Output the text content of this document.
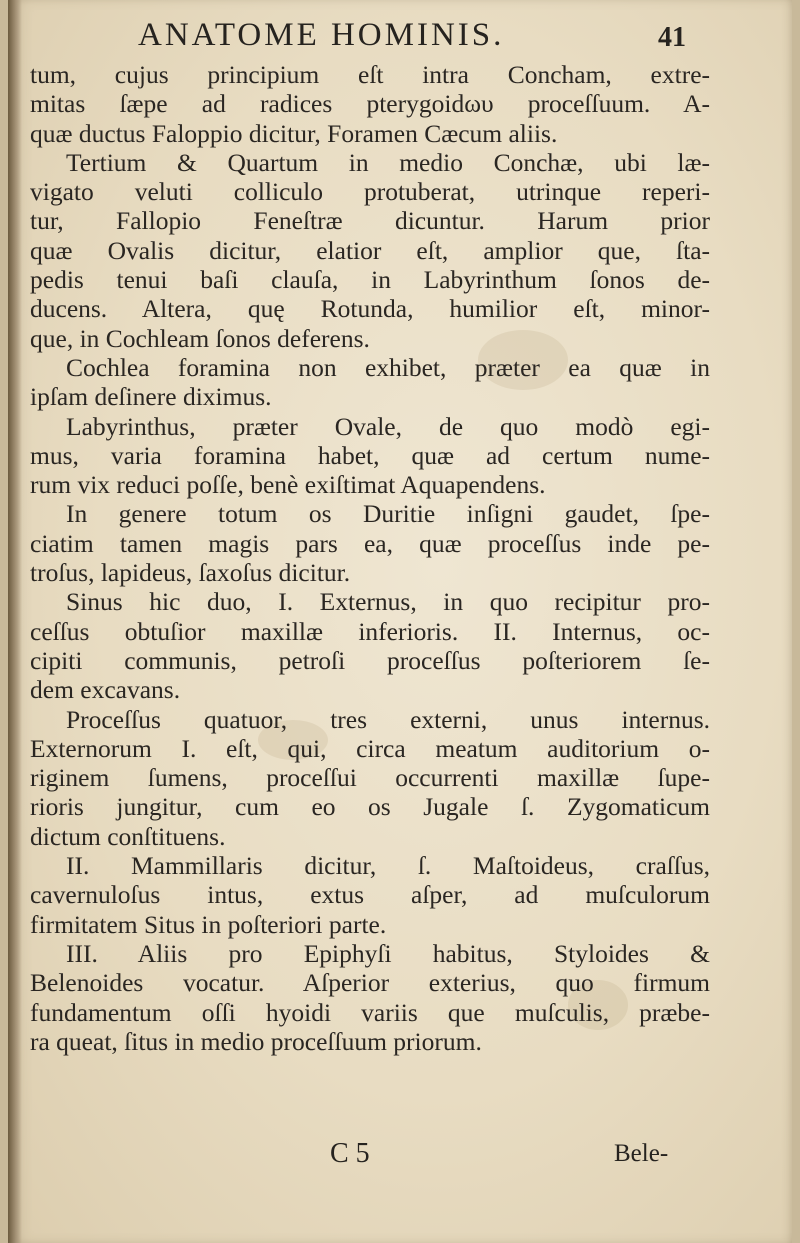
ANATOME HOMINIS.	41
tum, cujus principium eſt intra Concham, extre-
mitas ſæpe ad radices pterygoidωυ proceſſuum. A-
quæ ductus Faloppio dicitur, Foramen Cæcum aliis.
Tertium & Quartum in medio Conchæ, ubi læ-
vigato veluti colliculo protuberat, utrinque reperi-
tur, Fallopio Feneſtræ dicuntur. Harum prior
quæ Ovalis dicitur, elatior eſt, amplior que, ſta-
pedis tenui baſi clauſa, in Labyrinthum ſonos de-
ducens. Altera, quę Rotunda, humilior eſt, minor-
que, in Cochleam ſonos deferens.
Cochlea foramina non exhibet, præter ea quæ in
ipſam deſinere diximus.
Labyrinthus, præter Ovale, de quo modò egi-
mus, varia foramina habet, quæ ad certum nume-
rum vix reduci poſſe, benè exiſtimat Aquapendens.
In genere totum os Duritie inſigni gaudet, ſpe-
ciatim tamen magis pars ea, quæ proceſſus inde pe-
troſus, lapideus, ſaxoſus dicitur.
Sinus hic duo, I. Externus, in quo recipitur pro-
ceſſus obtuſior maxillæ inferioris. II. Internus, oc-
cipiti communis, petroſi proceſſus poſteriorem ſe-
dem excavans.
Proceſſus quatuor, tres externi, unus internus.
Externorum I. eſt, qui, circa meatum auditorium o-
riginem ſumens, proceſſui occurrenti maxillæ ſupe-
rioris jungitur, cum eo os Jugale ſ. Zygomaticum
dictum conſtituens.
II. Mammillaris dicitur, ſ. Maſtoideus, craſſus,
cavernuloſus intus, extus aſper, ad muſculorum
firmitatem Situs in poſteriori parte.
III. Aliis pro Epiphyſi habitus, Styloides &
Belenoides vocatur. Aſperior exterius, quo firmum
fundamentum oſſi hyoidi variis que muſculis, præbe-
ra queat, ſitus in medio proceſſuum priorum.
C 5	Bele-
